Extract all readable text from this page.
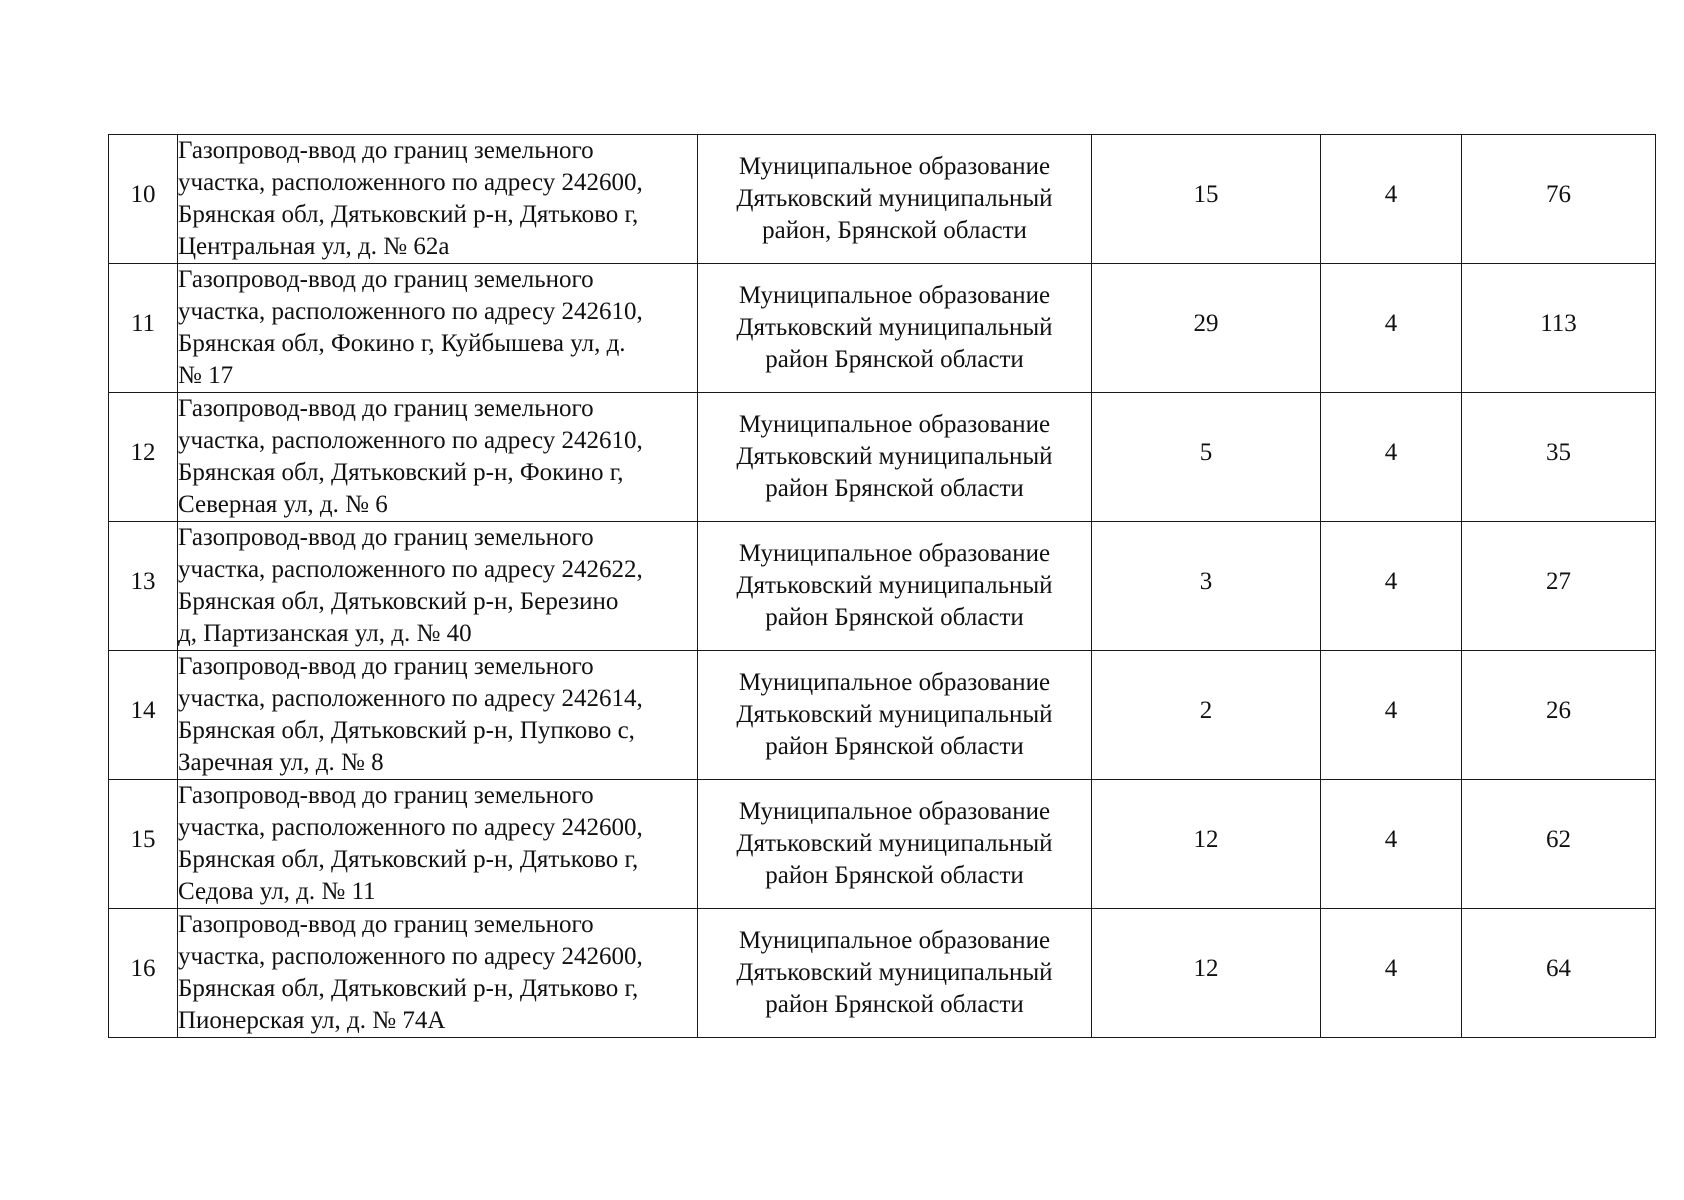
10	Газопровод-ввод до границ земельного
участка, расположенного по адресу 242600,
Брянская обл, Дятьковский р-н, Дятьково г,
Центральная ул, д. № 62а	Муниципальное образование
Дятьковский муниципальный
район, Брянской области	15	4	76
11	Газопровод-ввод до границ земельного
участка, расположенного по адресу 242610,
Брянская обл, Фокино г, Куйбышева ул, д.
№ 17	Муниципальное образование
Дятьковский муниципальный
район Брянской области	29	4	113
12	Газопровод-ввод до границ земельного
участка, расположенного по адресу 242610,
Брянская обл, Дятьковский р-н, Фокино г,
Северная ул, д. № 6	Муниципальное образование
Дятьковский муниципальный
район Брянской области	5	4	35
13	Газопровод-ввод до границ земельного
участка, расположенного по адресу 242622,
Брянская обл, Дятьковский р-н, Березино
д, Партизанская ул, д. № 40	Муниципальное образование
Дятьковский муниципальный
район Брянской области	3	4	27
14	Газопровод-ввод до границ земельного
участка, расположенного по адресу 242614,
Брянская обл, Дятьковский р-н, Пупково с,
Заречная ул, д. № 8	Муниципальное образование
Дятьковский муниципальный
район Брянской области	2	4	26
15	Газопровод-ввод до границ земельного
участка, расположенного по адресу 242600,
Брянская обл, Дятьковский р-н, Дятьково г,
Седова ул, д. № 11	Муниципальное образование
Дятьковский муниципальный
район Брянской области	12	4	62
16	Газопровод-ввод до границ земельного
участка, расположенного по адресу 242600,
Брянская обл, Дятьковский р-н, Дятьково г,
Пионерская ул, д. № 74А	Муниципальное образование
Дятьковский муниципальный
район Брянской области	12	4	64
